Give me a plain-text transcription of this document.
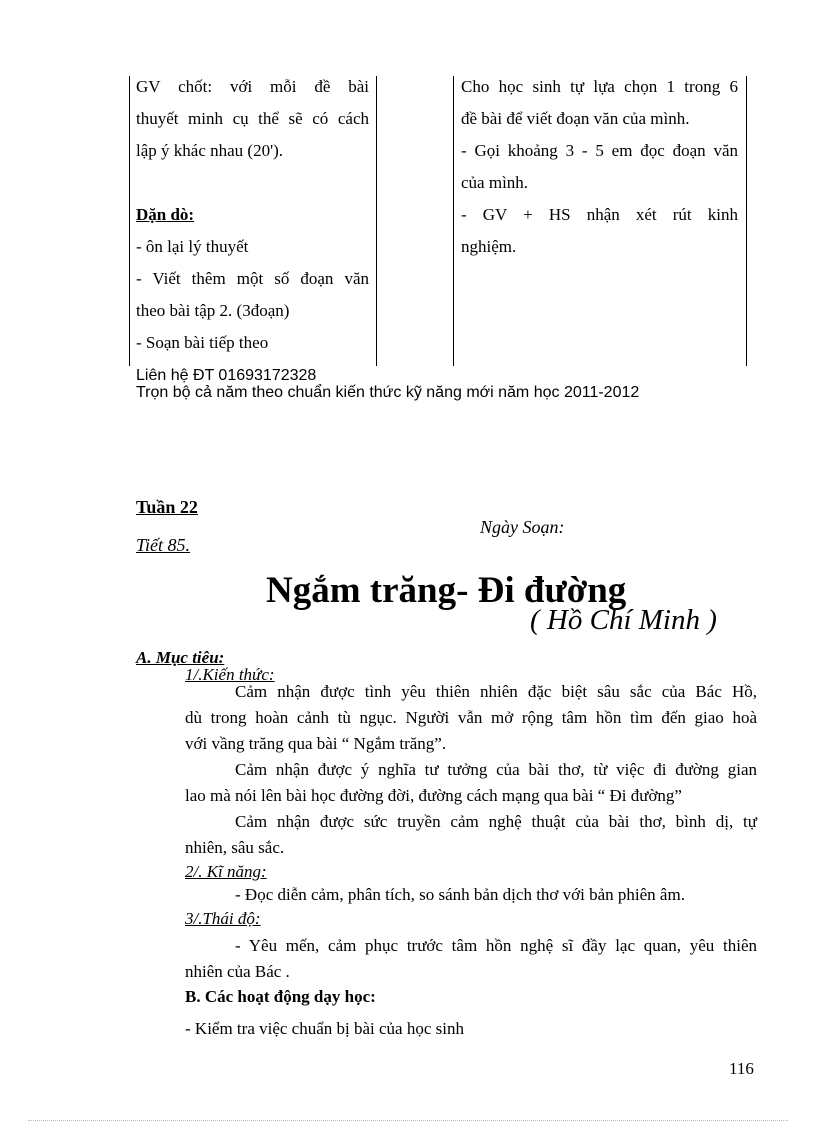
GV chốt: với mỗi đề bài
thuyết minh cụ thể sẽ có cách
lập ý khác nhau (20').
Dặn dò:
- ôn lại lý thuyết
- Viết thêm một số đoạn văn
theo bài tập 2. (3đoạn)
- Soạn bài tiếp theo
Cho học sinh tự lựa chọn 1 trong 6
đề bài để viết đoạn văn của mình.
- Gọi khoảng 3 - 5 em đọc đoạn văn
của mình.
- GV + HS nhận xét rút kinh
nghiệm.
Liên hệ ĐT 01693172328
Trọn bộ cả năm theo chuẩn kiến thức kỹ năng mới năm học 2011-2012
Tuần 22
Tiết 85.
Ngày Soạn:
Ngắm trăng- Đi đường
( Hồ Chí Minh )
A. Mục tiêu:
1/.Kiến thức:
Cảm nhận được tình yêu thiên nhiên đặc biệt sâu sắc của Bác Hồ,
dù trong hoàn cảnh tù ngục. Người vẫn mở rộng tâm hồn tìm đến giao hoà
với vầng trăng qua bài “ Ngắm trăng”.
Cảm nhận được ý nghĩa tư tưởng của bài thơ, từ việc đi đường gian
lao mà nói lên bài học đường đời, đường cách mạng qua bài “ Đi đường”
Cảm nhận được sức truyền cảm nghệ thuật của bài thơ, bình dị, tự
nhiên, sâu sắc.
2/. Kĩ năng:
- Đọc diễn cảm, phân tích, so sánh bản dịch thơ với bản phiên âm.
3/.Thái độ:
- Yêu mến, cảm phục trước tâm hồn nghệ sĩ đầy lạc quan, yêu thiên
nhiên của Bác .
B. Các hoạt động dạy học:
- Kiểm tra việc chuẩn bị bài của học sinh
116
